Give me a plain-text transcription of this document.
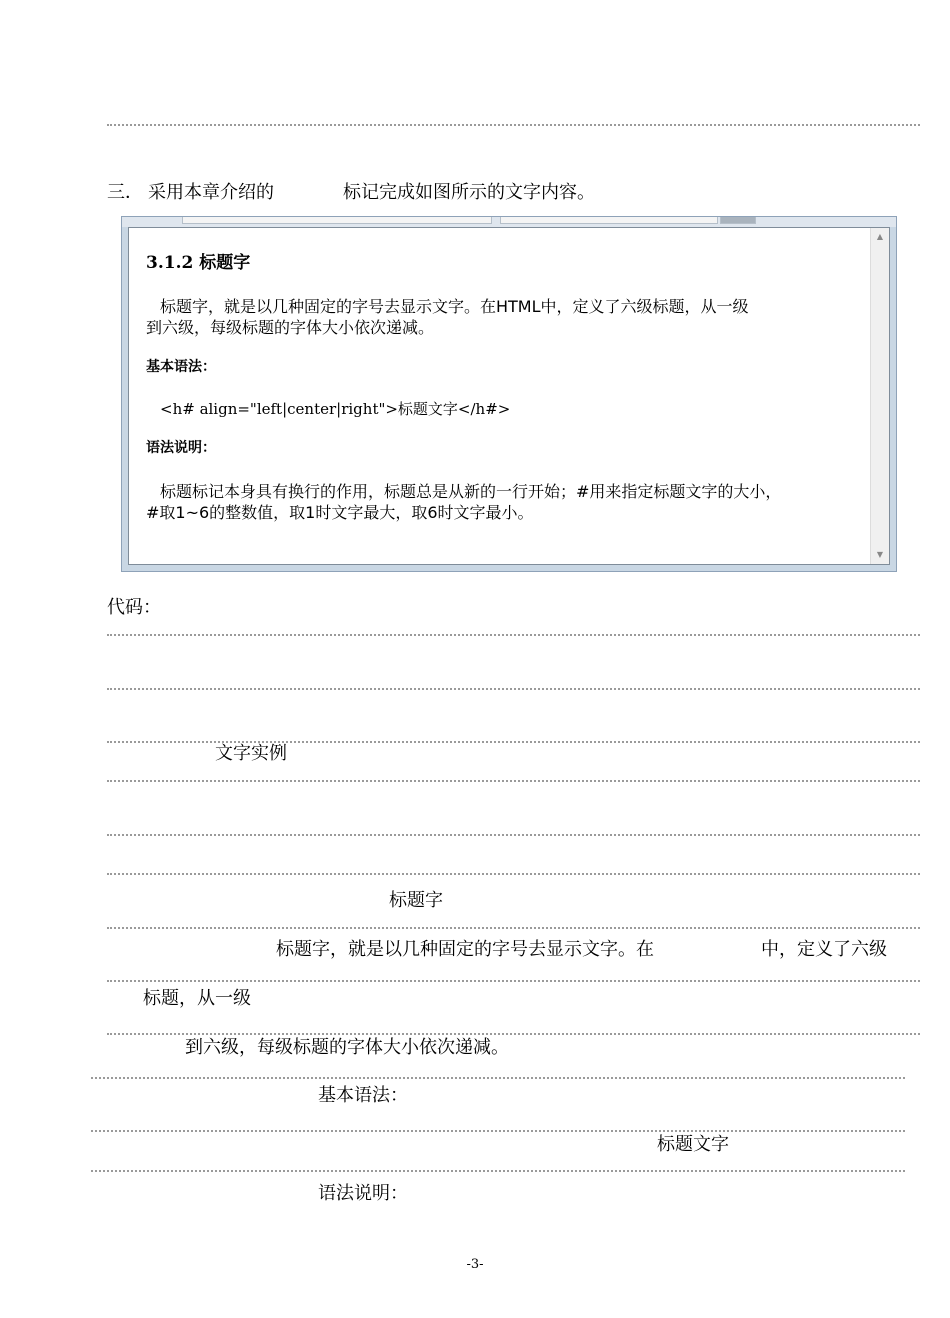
三． 采用本章介绍的	标记完成如图所示的文字内容。
3.1.2 标题字
标题字，就是以几种固定的字号去显示文字。在HTML中，定义了六级标题，从一级
到六级，每级标题的字体大小依次递减。
基本语法：
<h# align="left|center|right">标题文字</h#>
语法说明：
标题标记本身具有换行的作用，标题总是从新的一行开始；#用来指定标题文字的大小，
#取1~6的整数值，取1时文字最大，取6时文字最小。
▲
▼
代码：
文字实例
标题字
标题字，就是以几种固定的字号去显示文字。在	中，定义了六级
标题，从一级
到六级，每级标题的字体大小依次递减。
基本语法：
标题文字
语法说明：
-3-
